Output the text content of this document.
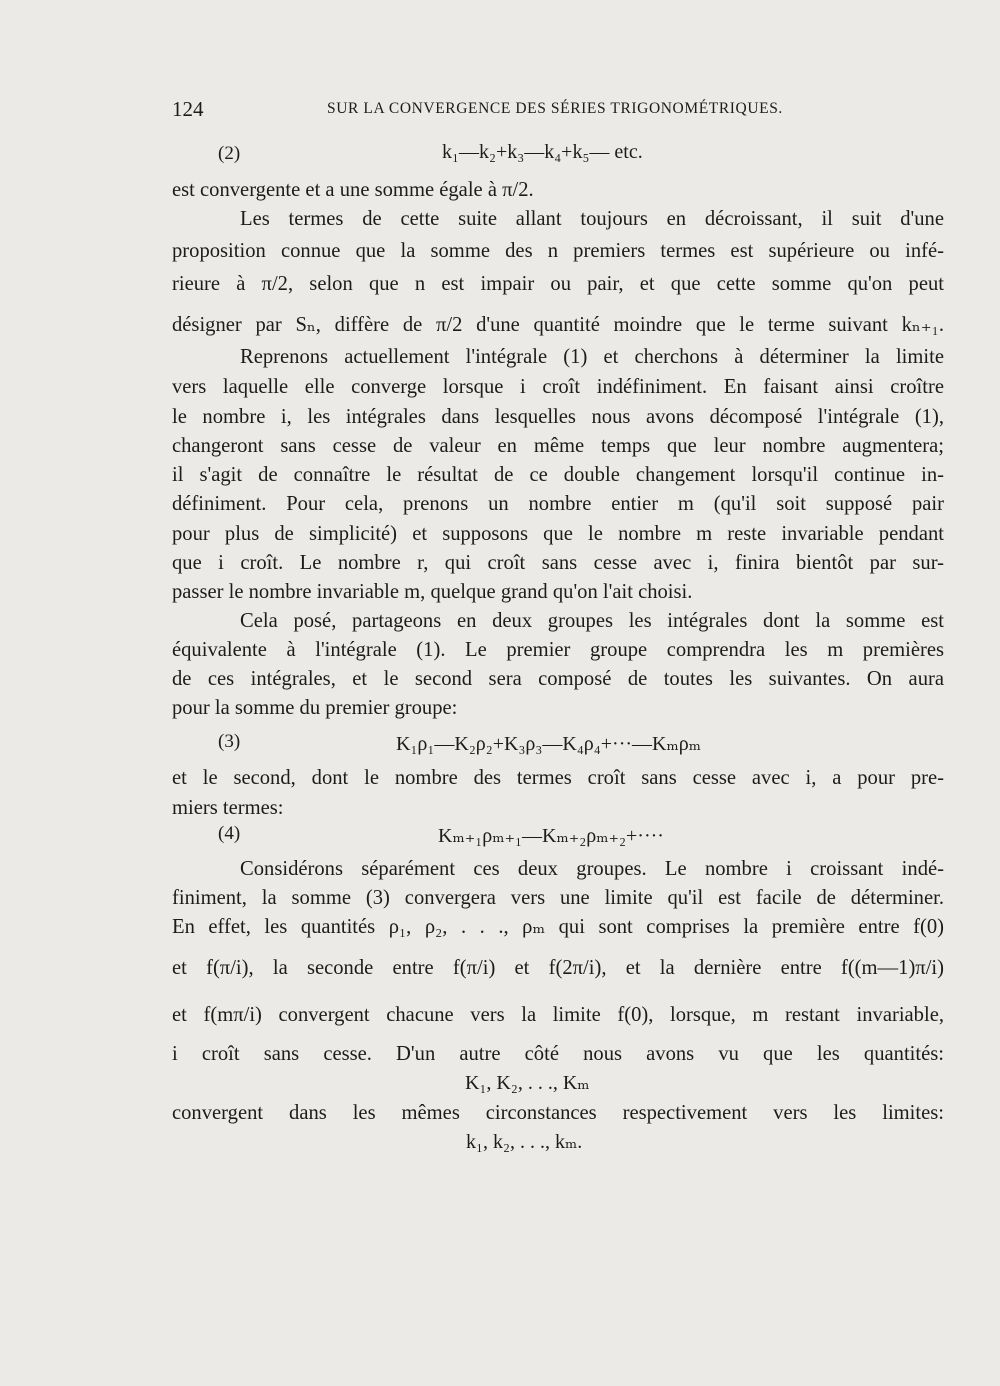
124	SUR LA CONVERGENCE DES SÉRIES TRIGONOMÉTRIQUES.
(2)	k₁—k₂+k₃—k₄+k₅— etc.
est convergente et a une somme égale à π/2.
Les termes de cette suite allant toujours en décroissant, il suit d'une
proposition connue que la somme des n premiers termes est supérieure ou infé-
rieure à π/2, selon que n est impair ou pair, et que cette somme qu'on peut
désigner par Sₙ, diffère de π/2 d'une quantité moindre que le terme suivant kₙ₊₁.
Reprenons actuellement l'intégrale (1) et cherchons à déterminer la limite
vers laquelle elle converge lorsque i croît indéfiniment. En faisant ainsi croître
le nombre i, les intégrales dans lesquelles nous avons décomposé l'intégrale (1),
changeront sans cesse de valeur en même temps que leur nombre augmentera;
il s'agit de connaître le résultat de ce double changement lorsqu'il continue in-
définiment. Pour cela, prenons un nombre entier m (qu'il soit supposé pair
pour plus de simplicité) et supposons que le nombre m reste invariable pendant
que i croît. Le nombre r, qui croît sans cesse avec i, finira bientôt par sur-
passer le nombre invariable m, quelque grand qu'on l'ait choisi.
Cela posé, partageons en deux groupes les intégrales dont la somme est
équivalente à l'intégrale (1). Le premier groupe comprendra les m premières
de ces intégrales, et le second sera composé de toutes les suivantes. On aura
pour la somme du premier groupe:
(3)	K₁ρ₁—K₂ρ₂+K₃ρ₃—K₄ρ₄+···—Kₘρₘ
et le second, dont le nombre des termes croît sans cesse avec i, a pour pre-
miers termes:
(4)	Kₘ₊₁ρₘ₊₁—Kₘ₊₂ρₘ₊₂+····
Considérons séparément ces deux groupes. Le nombre i croissant indé-
finiment, la somme (3) convergera vers une limite qu'il est facile de déterminer.
En effet, les quantités ρ₁, ρ₂, . . ., ρₘ qui sont comprises la première entre f(0)
et f(π/i), la seconde entre f(π/i) et f(2π/i), et la dernière entre f((m—1)π/i)
et f(mπ/i) convergent chacune vers la limite f(0), lorsque, m restant invariable,
i croît sans cesse. D'un autre côté nous avons vu que les quantités:
K₁, K₂, . . ., Kₘ
convergent dans les mêmes circonstances respectivement vers les limites:
k₁, k₂, . . ., kₘ.
